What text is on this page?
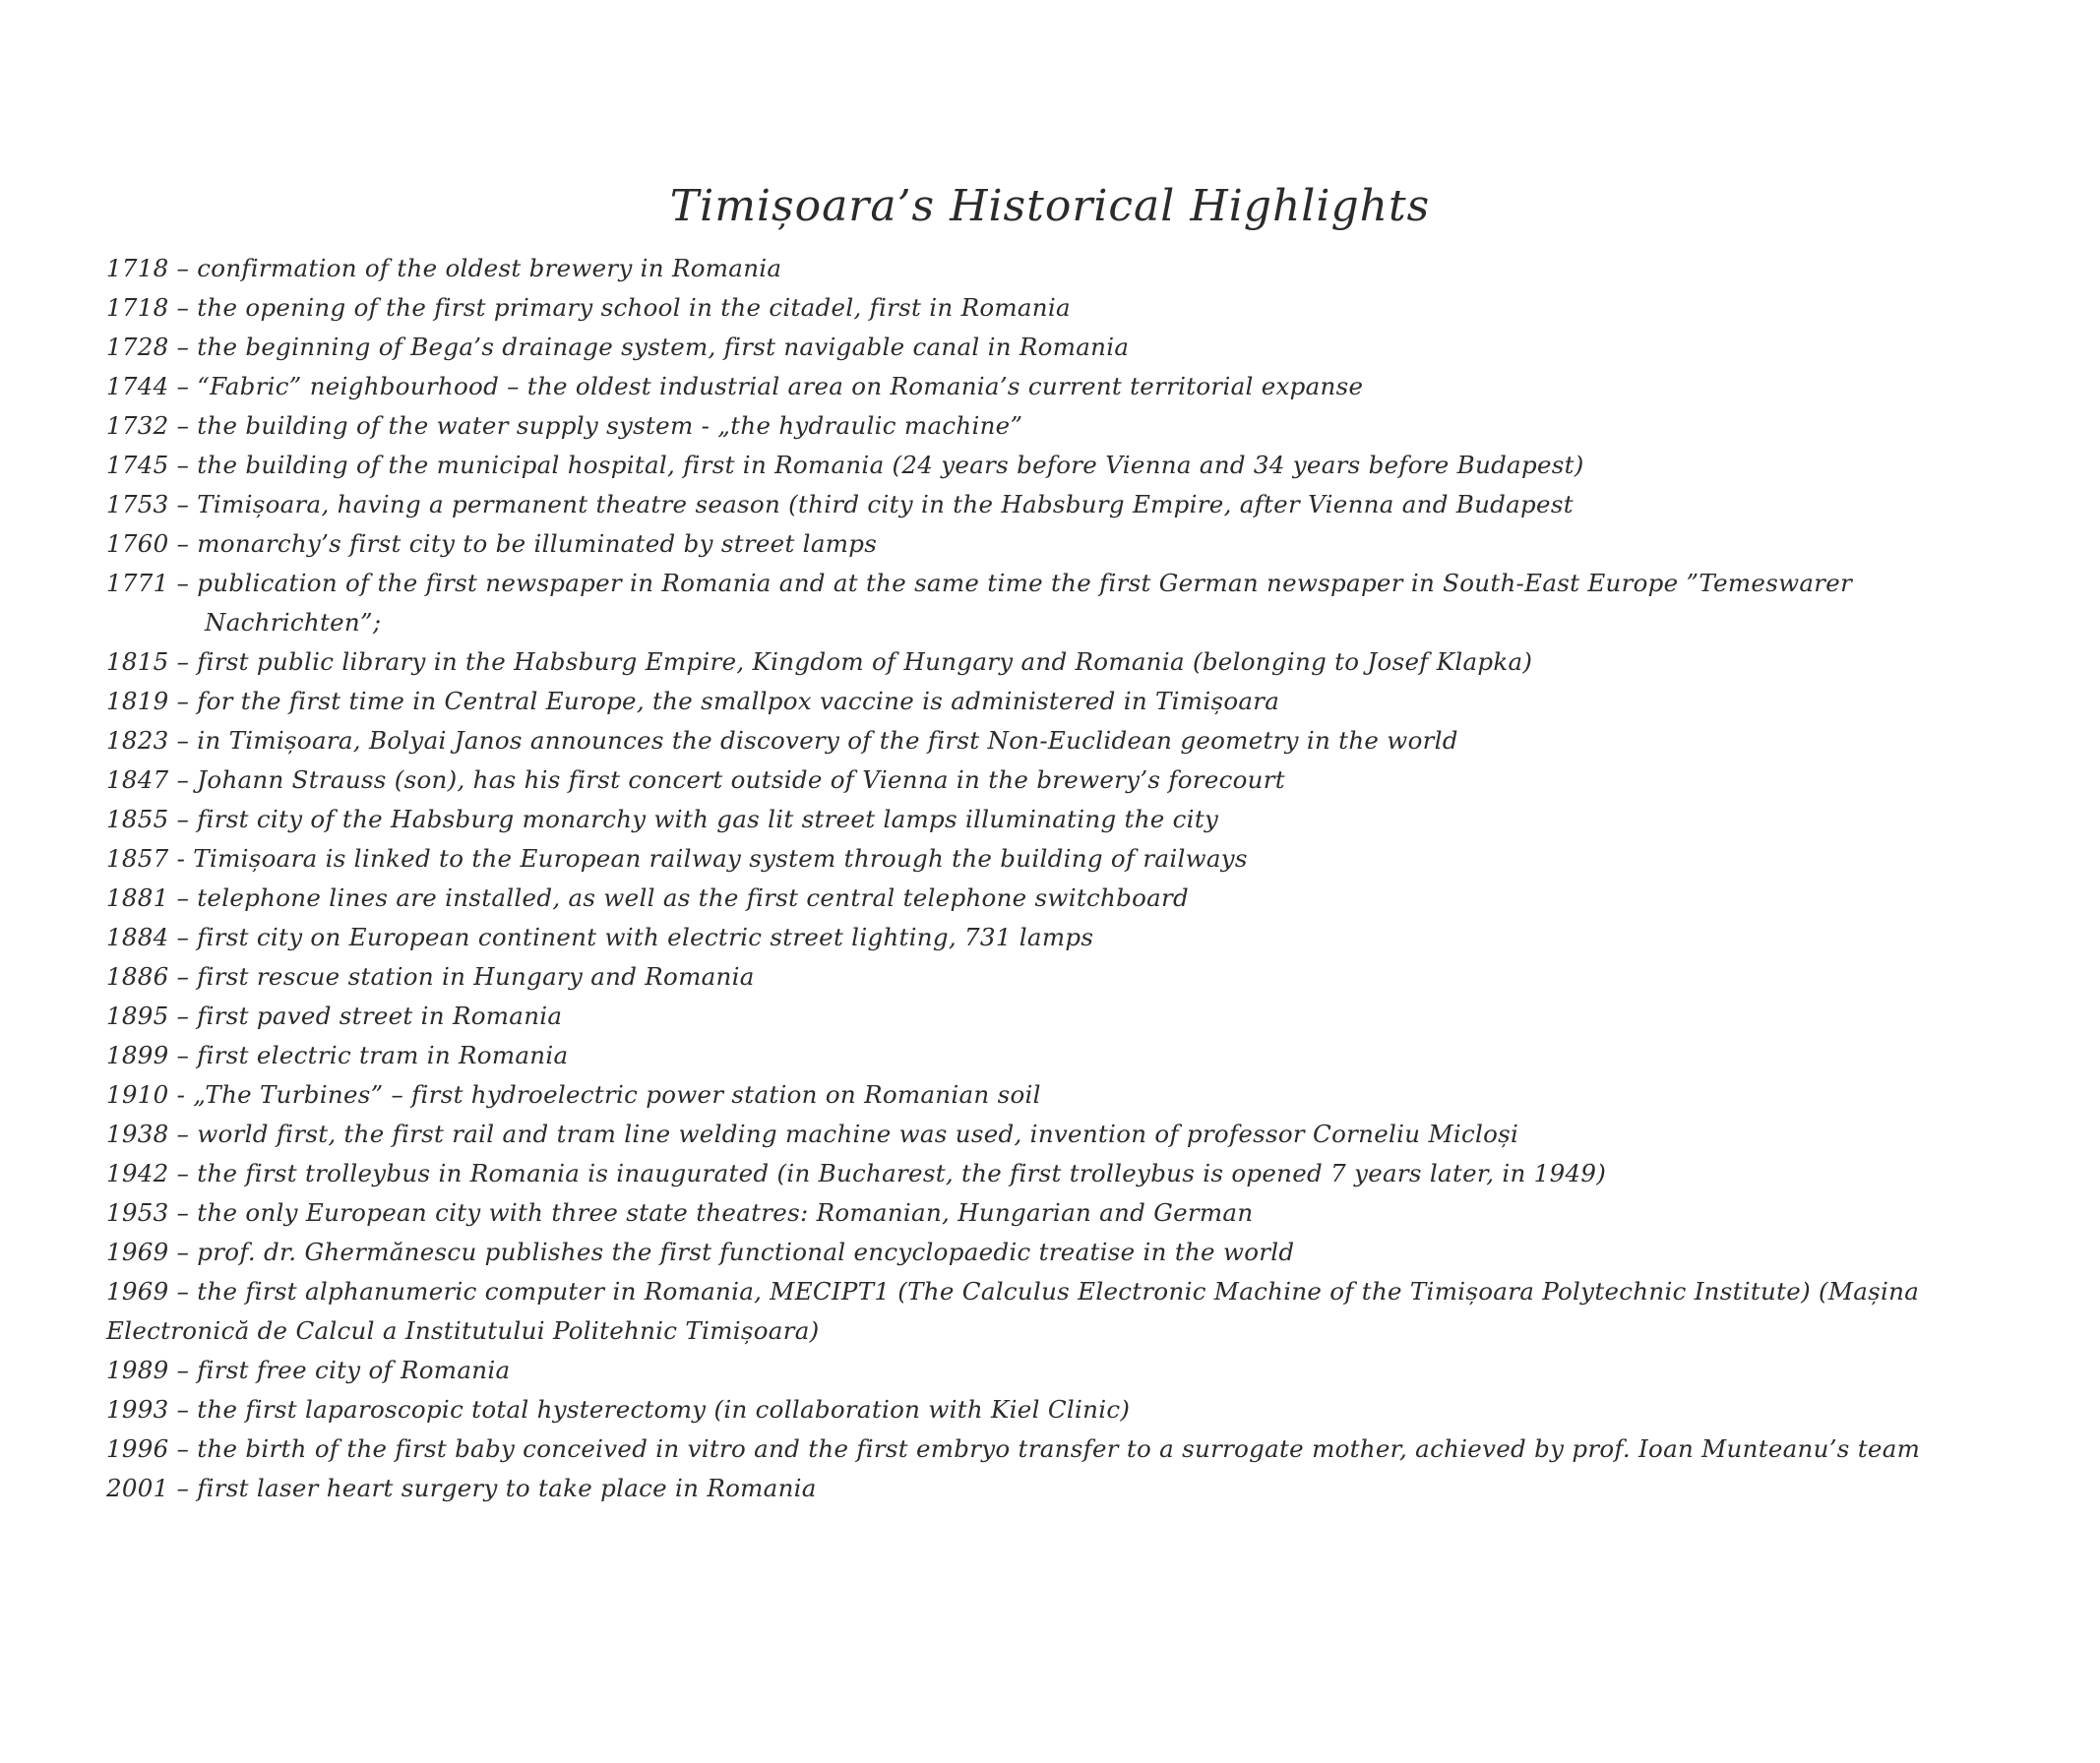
Timișoara’s Historical Highlights
1718 – confirmation of the oldest brewery in Romania
1718 – the opening of the first primary school in the citadel, first in Romania
1728 – the beginning of Bega’s drainage system, first navigable canal in Romania
1744 – “Fabric” neighbourhood – the oldest industrial area on Romania’s current territorial expanse
1732 – the building of the water supply system - „the hydraulic machine”
1745 – the building of the municipal hospital, first in Romania (24 years before Vienna and 34 years before Budapest)
1753 – Timișoara, having a permanent theatre season (third city in the Habsburg Empire, after Vienna and Budapest
1760 – monarchy’s first city to be illuminated by street lamps
1771 – publication of the first newspaper in Romania and at the same time the first German newspaper in South-East Europe ”Temeswarer
Nachrichten”;
1815 – first public library in the Habsburg Empire, Kingdom of Hungary and Romania (belonging to Josef Klapka)
1819 – for the first time in Central Europe, the smallpox vaccine is administered in Timișoara
1823 – in Timișoara, Bolyai Janos announces the discovery of the first Non-Euclidean geometry in the world
1847 – Johann Strauss (son), has his first concert outside of Vienna in the brewery’s forecourt
1855 – first city of the Habsburg monarchy with gas lit street lamps illuminating the city
1857 - Timișoara is linked to the European railway system through the building of railways
1881 – telephone lines are installed, as well as the first central telephone switchboard
1884 – first city on European continent with electric street lighting, 731 lamps
1886 – first rescue station in Hungary and Romania
1895 – first paved street in Romania
1899 – first electric tram in Romania
1910 - „The Turbines” – first hydroelectric power station on Romanian soil
1938 – world first, the first rail and tram line welding machine was used, invention of professor Corneliu Micloși
1942 – the first trolleybus in Romania is inaugurated (in Bucharest, the first trolleybus is opened 7 years later, in 1949)
1953 – the only European city with three state theatres: Romanian, Hungarian and German
1969 – prof. dr. Ghermănescu publishes the first functional encyclopaedic treatise in the world
1969 – the first alphanumeric computer in Romania, MECIPT1 (The Calculus Electronic Machine of the Timișoara Polytechnic Institute) (Mașina
Electronică de Calcul a Institutului Politehnic Timișoara)
1989 – first free city of Romania
1993 – the first laparoscopic total hysterectomy (in collaboration with Kiel Clinic)
1996 – the birth of the first baby conceived in vitro and the first embryo transfer to a surrogate mother, achieved by prof. Ioan Munteanu’s team
2001 – first laser heart surgery to take place in Romania
